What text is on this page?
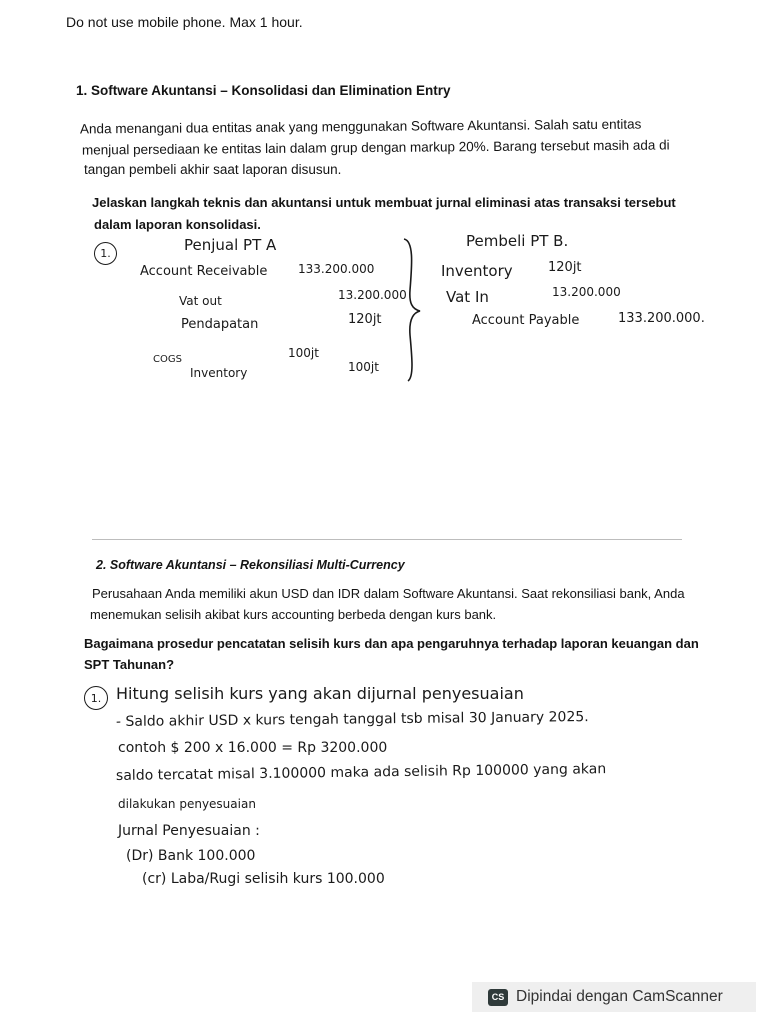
Do not use mobile phone. Max 1 hour.

1. Software Akuntansi – Konsolidasi dan Elimination Entry

Anda menangani dua entitas anak yang menggunakan Software Akuntansi. Salah satu entitas

menjual persediaan ke entitas lain dalam grup dengan markup 20%. Barang tersebut masih ada di

tangan pembeli akhir saat laporan disusun.

Jelaskan langkah teknis dan akuntansi untuk membuat jurnal eliminasi atas transaksi tersebut

dalam laporan konsolidasi.

1.	Penjual PT A	Pembeli PT B.

Account Receivable	133.200.000

Vat out	13.200.000

Pendapatan	120jt

COGS	100jt

Inventory	100jt

Inventory	120jt

Vat In	13.200.000

Account Payable	133.200.000.

2. Software Akuntansi – Rekonsiliasi Multi-Currency

Perusahaan Anda memiliki akun USD dan IDR dalam Software Akuntansi. Saat rekonsiliasi bank, Anda

menemukan selisih akibat kurs accounting berbeda dengan kurs bank.

Bagaimana prosedur pencatatan selisih kurs dan apa pengaruhnya terhadap laporan keuangan dan

SPT Tahunan?

1. Hitung selisih kurs yang akan dijurnal penyesuaian

- Saldo akhir USD x kurs tengah tanggal tsb misal 30 January 2025.

contoh $ 200 x 16.000 = Rp 3200.000

saldo tercatat misal 3.100000 maka ada selisih Rp 100000 yang akan

dilakukan penyesuaian

Jurnal Penyesuaian :

(Dr) Bank 100.000

(cr) Laba/Rugi selisih kurs 100.000

CS Dipindai dengan CamScanner
